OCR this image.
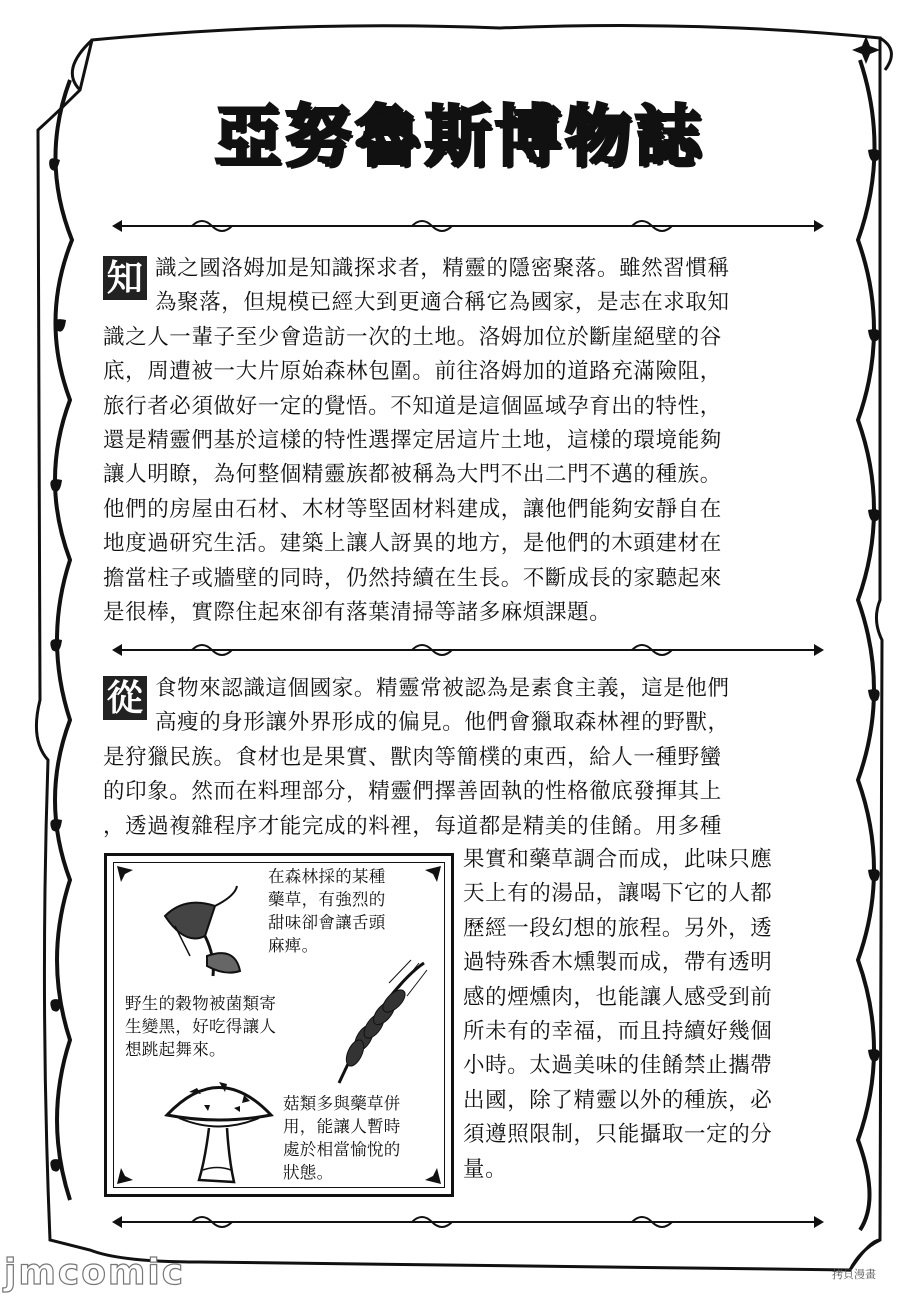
亞努魯斯博物誌
知 識之國洛姆加是知識探求者，精靈的隱密聚落。雖然習慣稱
為聚落，但規模已經大到更適合稱它為國家，是志在求取知
識之人一輩子至少會造訪一次的土地。洛姆加位於斷崖絕壁的谷
底，周遭被一大片原始森林包圍。前往洛姆加的道路充滿險阻，
旅行者必須做好一定的覺悟。不知道是這個區域孕育出的特性，
還是精靈們基於這樣的特性選擇定居這片土地，這樣的環境能夠
讓人明瞭，為何整個精靈族都被稱為大門不出二門不邁的種族。
他們的房屋由石材、木材等堅固材料建成，讓他們能夠安靜自在
地度過研究生活。建築上讓人訝異的地方，是他們的木頭建材在
擔當柱子或牆壁的同時，仍然持續在生長。不斷成長的家聽起來
是很棒，實際住起來卻有落葉清掃等諸多麻煩課題。
從 食物來認識這個國家。精靈常被認為是素食主義，這是他們
高瘦的身形讓外界形成的偏見。他們會獵取森林裡的野獸，
是狩獵民族。食材也是果實、獸肉等簡樸的東西，給人一種野蠻
的印象。然而在料理部分，精靈們擇善固執的性格徹底發揮其上
，透過複雜程序才能完成的料裡，每道都是精美的佳餚。用多種
果實和藥草調合而成，此味只應
天上有的湯品，讓喝下它的人都
歷經一段幻想的旅程。另外，透
過特殊香木燻製而成，帶有透明
感的煙燻肉，也能讓人感受到前
所未有的幸福，而且持續好幾個
小時。太過美味的佳餚禁止攜帶
出國，除了精靈以外的種族，必
須遵照限制，只能攝取一定的分
量。
在森林採的某種
藥草，有強烈的
甜味卻會讓舌頭
麻痺。
野生的穀物被菌類寄
生變黑，好吃得讓人
想跳起舞來。
菇類多與藥草併
用，能讓人暫時
處於相當愉悅的
狀態。
jmcomic	拷貝漫畫
